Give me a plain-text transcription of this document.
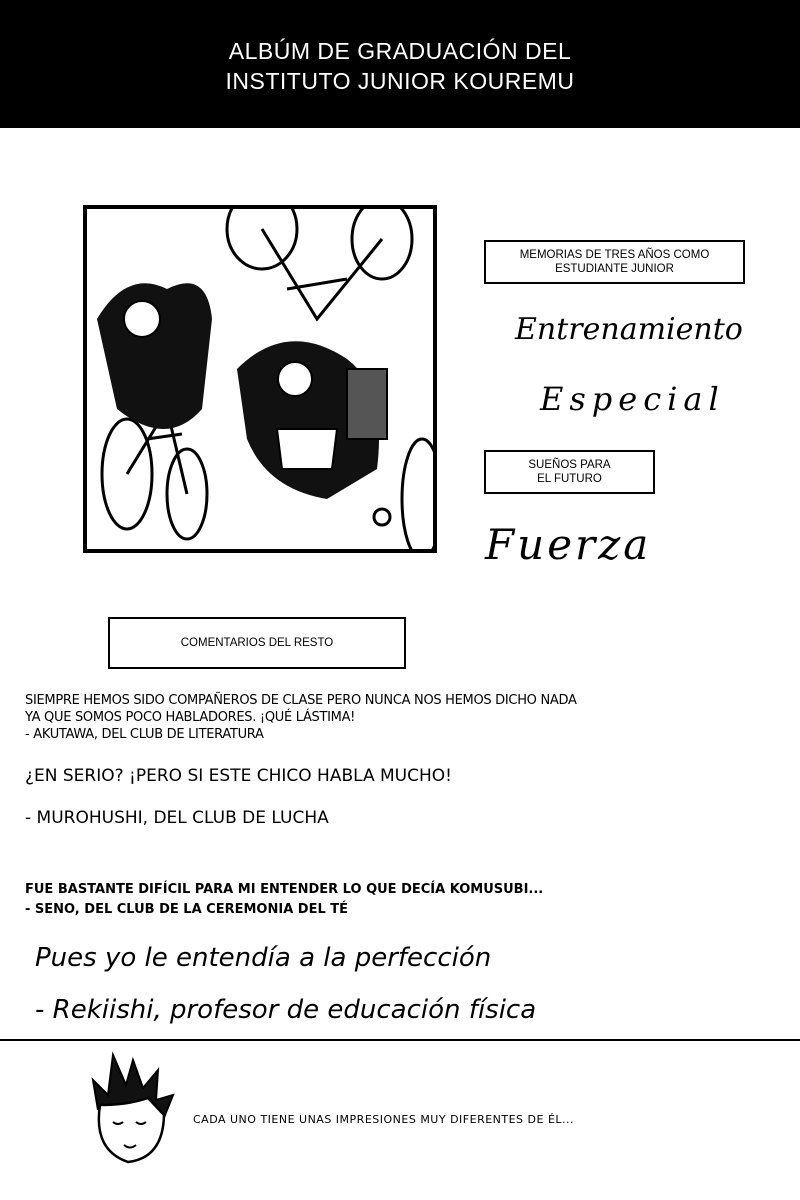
ALBÚM DE GRADUACIÓN DEL
INSTITUTO JUNIOR KOUREMU
MEMORIAS DE TRES AÑOS COMO
ESTUDIANTE JUNIOR
Entrenamiento
Especial
SUEÑOS PARA
EL FUTURO
Fuerza
COMENTARIOS DEL RESTO
SIEMPRE HEMOS SIDO COMPAÑEROS DE CLASE PERO NUNCA NOS HEMOS DICHO NADA
YA QUE SOMOS POCO HABLADORES. ¡QUÉ LÁSTIMA!
- AKUTAWA, DEL CLUB DE LITERATURA
¿EN SERIO? ¡PERO SI ESTE CHICO HABLA MUCHO!
- MUROHUSHI, DEL CLUB DE LUCHA
FUE BASTANTE DIFÍCIL PARA MI ENTENDER LO QUE DECÍA KOMUSUBI...
- SENO, DEL CLUB DE LA CEREMONIA DEL TÉ
Pues yo le entendía a la perfección
- Rekiishi, profesor de educación física
CADA UNO TIENE UNAS IMPRESIONES MUY DIFERENTES DE ÉL...
